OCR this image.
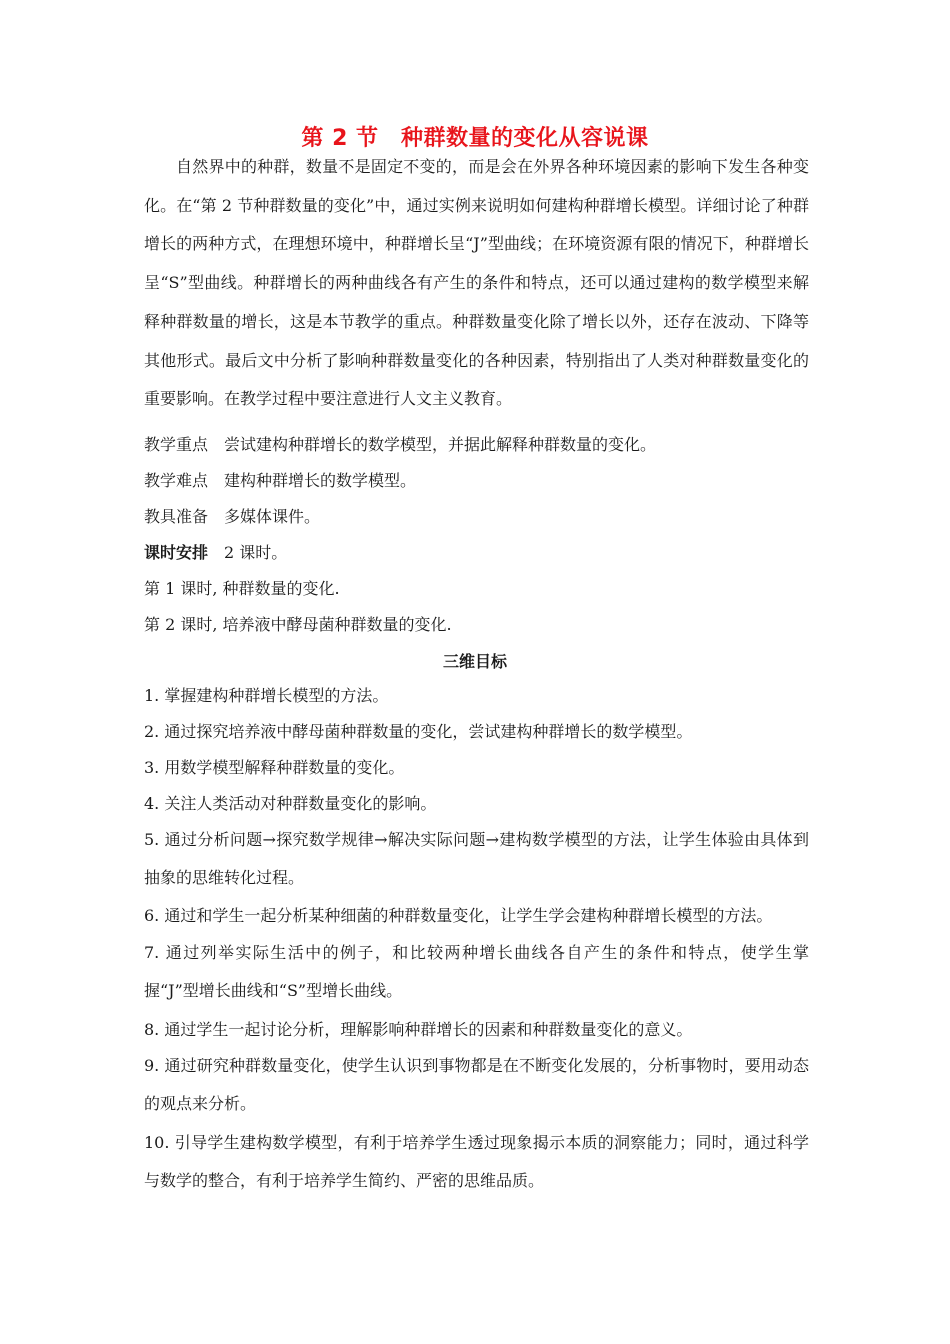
第 2 节　种群数量的变化从容说课

自然界中的种群，数量不是固定不变的，而是会在外界各种环境因素的影响下发生各种变化。在“第 2 节种群数量的变化”中，通过实例来说明如何建构种群增长模型。详细讨论了种群增长的两种方式，在理想环境中，种群增长呈“J”型曲线；在环境资源有限的情况下，种群增长呈“S”型曲线。种群增长的两种曲线各有产生的条件和特点，还可以通过建构的数学模型来解释种群数量的增长，这是本节教学的重点。种群数量变化除了增长以外，还存在波动、下降等其他形式。最后文中分析了影响种群数量变化的各种因素，特别指出了人类对种群数量变化的重要影响。在教学过程中要注意进行人文主义教育。

教学重点 尝试建构种群增长的数学模型，并据此解释种群数量的变化。

教学难点 建构种群增长的数学模型。

教具准备 多媒体课件。

课时安排 2 课时。

第 1 课时, 种群数量的变化.

第 2 课时, 培养液中酵母菌种群数量的变化.

三维目标

1. 掌握建构种群增长模型的方法。

2. 通过探究培养液中酵母菌种群数量的变化，尝试建构种群增长的数学模型。

3. 用数学模型解释种群数量的变化。

4. 关注人类活动对种群数量变化的影响。

5. 通过分析问题→探究数学规律→解决实际问题→建构数学模型的方法，让学生体验由具体到抽象的思维转化过程。

6. 通过和学生一起分析某种细菌的种群数量变化，让学生学会建构种群增长模型的方法。

7. 通过列举实际生活中的例子，和比较两种增长曲线各自产生的条件和特点，使学生掌握“J”型增长曲线和“S”型增长曲线。

8. 通过学生一起讨论分析，理解影响种群增长的因素和种群数量变化的意义。

9. 通过研究种群数量变化，使学生认识到事物都是在不断变化发展的，分析事物时，要用动态的观点来分析。

10. 引导学生建构数学模型，有利于培养学生透过现象揭示本质的洞察能力；同时，通过科学与数学的整合，有利于培养学生简约、严密的思维品质。
